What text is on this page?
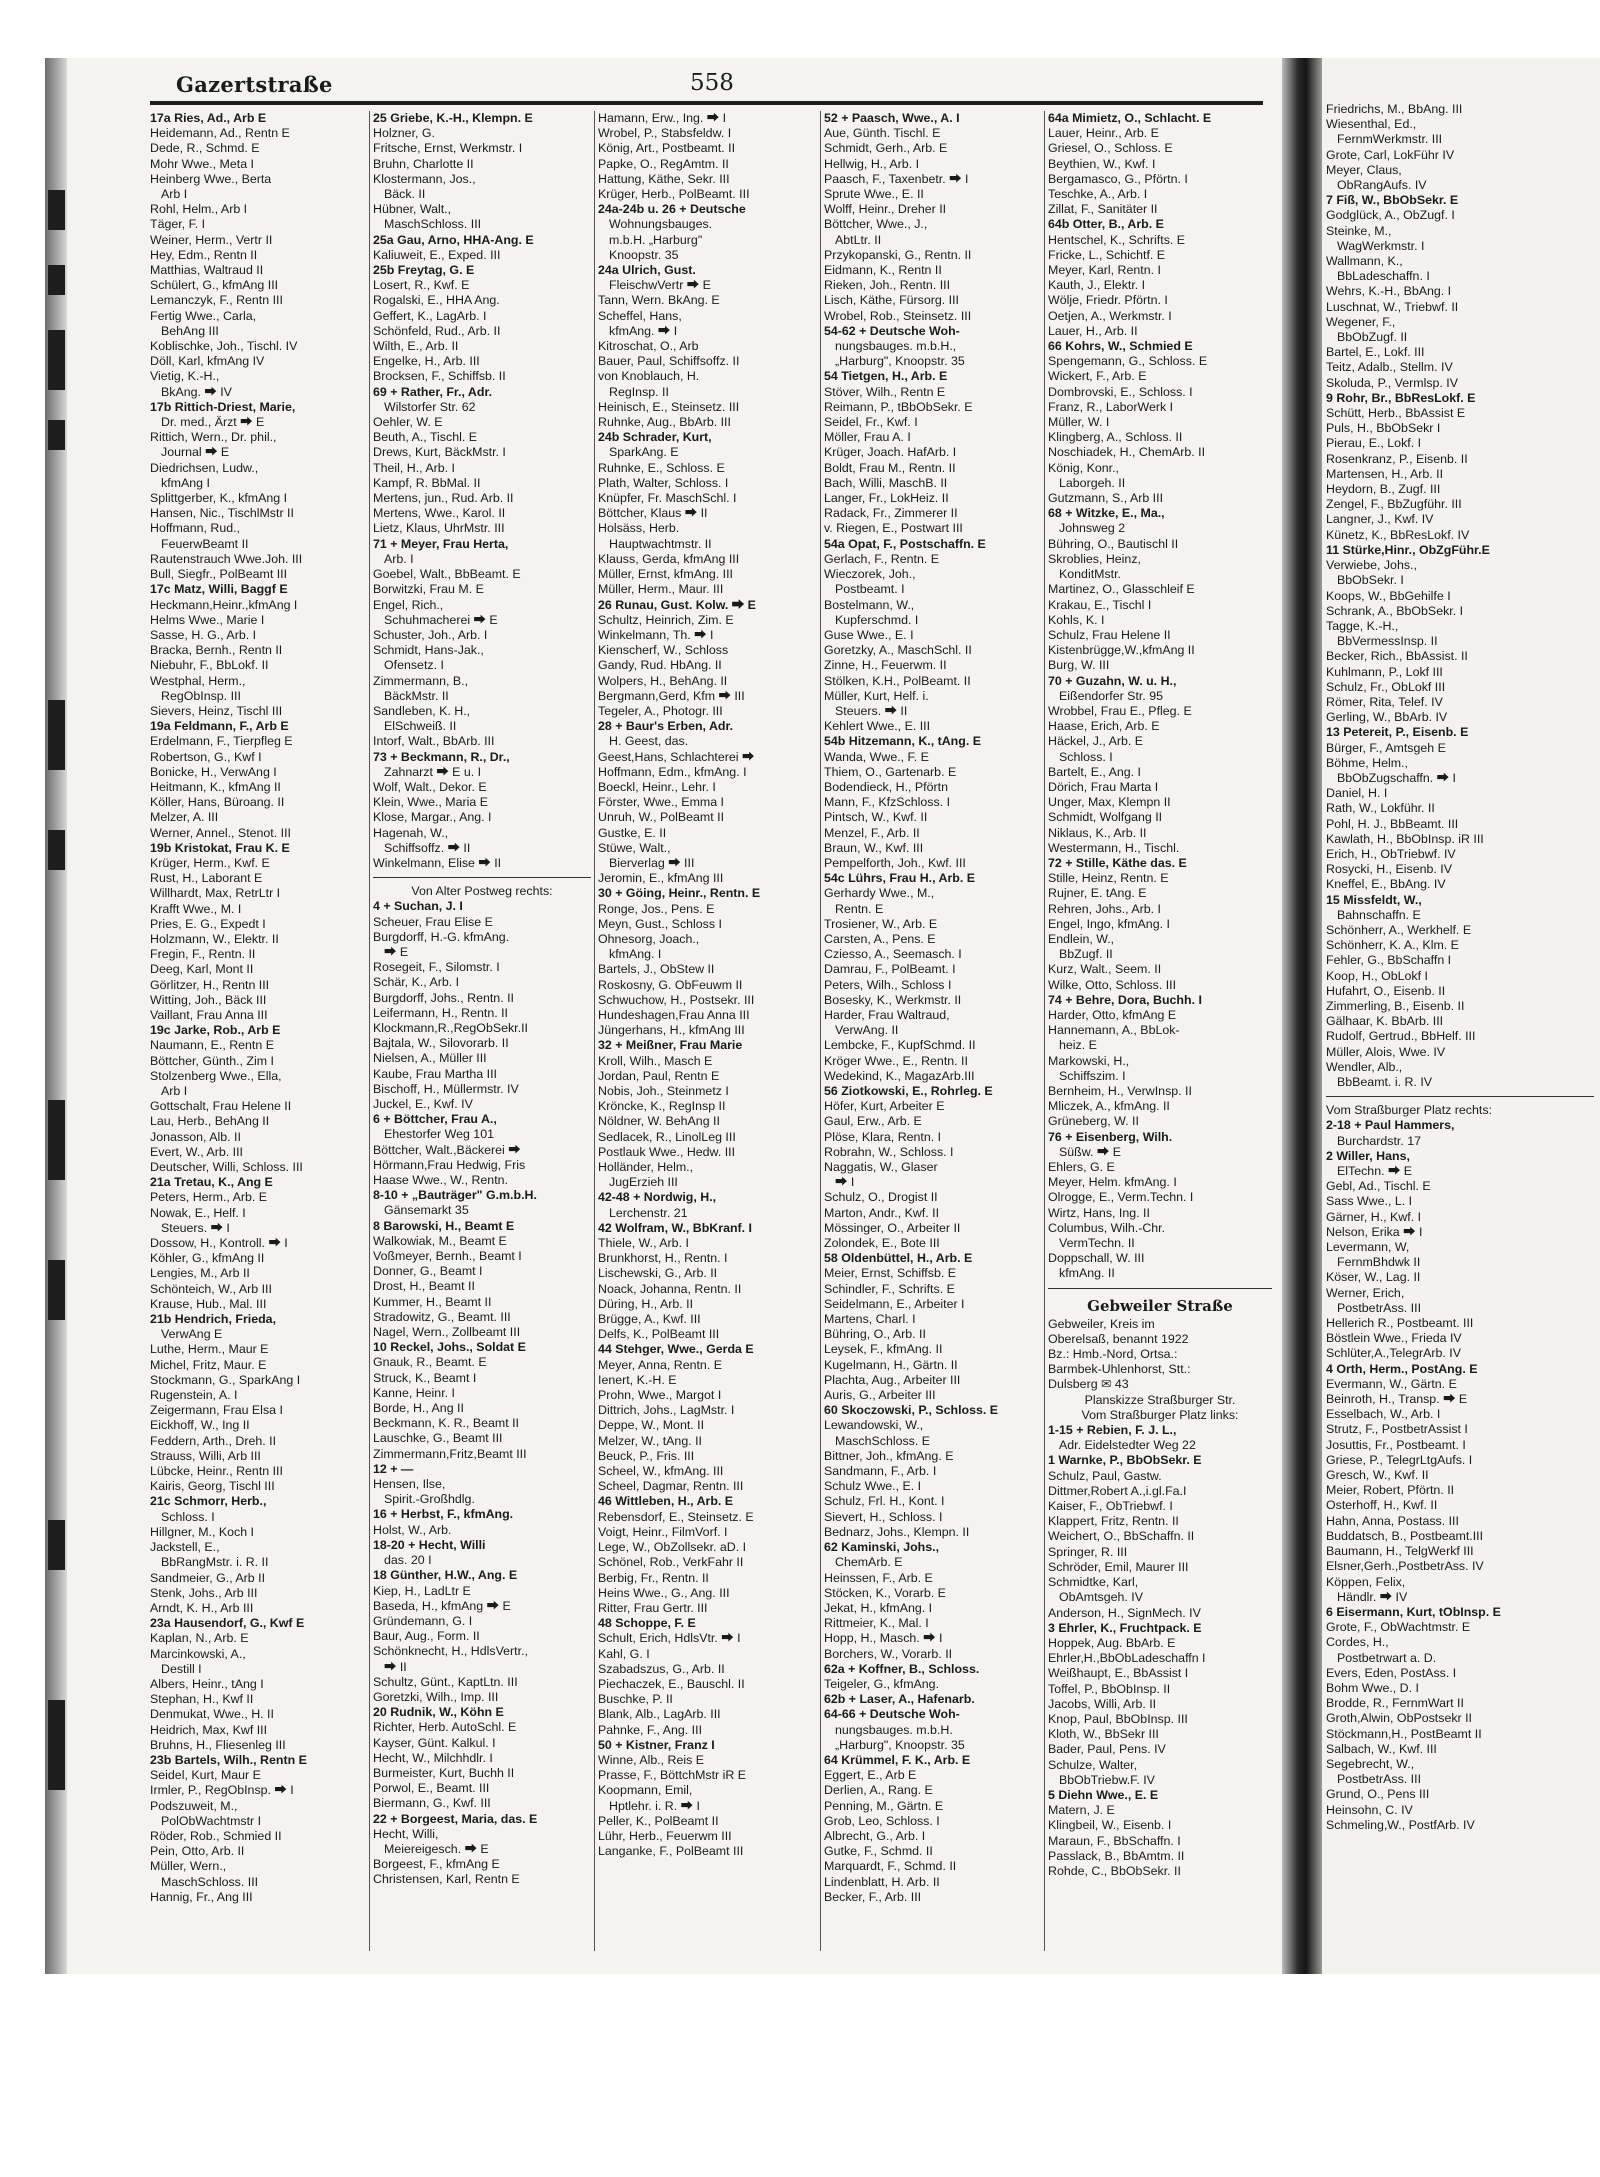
Gazertstraße	558
17a Ries, Ad., Arb E
Heidemann, Ad., Rentn E
Dede, R., Schmd. E
Mohr Wwe., Meta I
Heinberg Wwe., Berta
Arb I
Rohl, Helm., Arb I
Täger, F. I
Weiner, Herm., Vertr II
Hey, Edm., Rentn II
Matthias, Waltraud II
Schülert, G., kfmAng III
Lemanczyk, F., Rentn III
Fertig Wwe., Carla,
BehAng III
Koblischke, Joh., Tischl. IV
Döll, Karl, kfmAng IV
Vietig, K.-H.,
BkAng. ⮕ IV
17b Rittich-Driest, Marie,
Dr. med., Ärzt ⮕ E
Rittich, Wern., Dr. phil.,
Journal ⮕ E
Diedrichsen, Ludw.,
kfmAng I
Splittgerber, K., kfmAng I
Hansen, Nic., TischlMstr II
Hoffmann, Rud.,
FeuerwBeamt II
Rautenstrauch Wwe.Joh. III
Bull, Siegfr., PolBeamt III
17c Matz, Willi, Baggf E
Heckmann,Heinr.,kfmAng I
Helms Wwe., Marie I
Sasse, H. G., Arb. I
Bracka, Bernh., Rentn II
Niebuhr, F., BbLokf. II
Westphal, Herm.,
RegObInsp. III
Sievers, Heinz, Tischl III
19a Feldmann, F., Arb E
Erdelmann, F., Tierpfleg E
Robertson, G., Kwf I
Bonicke, H., VerwAng I
Heitmann, K., kfmAng II
Köller, Hans, Büroang. II
Melzer, A. III
Werner, Annel., Stenot. III
19b Kristokat, Frau K. E
Krüger, Herm., Kwf. E
Rust, H., Laborant E
Willhardt, Max, RetrLtr I
Krafft Wwe., M. I
Pries, E. G., Expedt I
Holzmann, W., Elektr. II
Fregin, F., Rentn. II
Deeg, Karl, Mont II
Görlitzer, H., Rentn III
Witting, Joh., Bäck III
Vaillant, Frau Anna III
19c Jarke, Rob., Arb E
Naumann, E., Rentn E
Böttcher, Günth., Zim I
Stolzenberg Wwe., Ella,
Arb I
Gottschalt, Frau Helene II
Lau, Herb., BehAng II
Jonasson, Alb. II
Evert, W., Arb. III
Deutscher, Willi, Schloss. III
21a Tretau, K., Ang E
Peters, Herm., Arb. E
Nowak, E., Helf. I
Steuers. ⮕ I
Dossow, H., Kontroll. ⮕ I
Köhler, G., kfmAng II
Lengies, M., Arb II
Schönteich, W., Arb III
Krause, Hub., Mal. III
21b Hendrich, Frieda,
VerwAng E
Luthe, Herm., Maur E
Michel, Fritz, Maur. E
Stockmann, G., SparkAng I
Rugenstein, A. I
Zeigermann, Frau Elsa I
Eickhoff, W., Ing II
Feddern, Arth., Dreh. II
Strauss, Willi, Arb III
Lübcke, Heinr., Rentn III
Kairis, Georg, Tischl III
21c Schmorr, Herb.,
Schloss. I
Hillgner, M., Koch I
Jackstell, E.,
BbRangMstr. i. R. II
Sandmeier, G., Arb II
Stenk, Johs., Arb III
Arndt, K. H., Arb III
23a Hausendorf, G., Kwf E
Kaplan, N., Arb. E
Marcinkowski, A.,
Destill I
Albers, Heinr., tAng I
Stephan, H., Kwf II
Denmukat, Wwe., H. II
Heidrich, Max, Kwf III
Bruhns, H., Fliesenleg III
23b Bartels, Wilh., Rentn E
Seidel, Kurt, Maur E
Irmler, P., RegObInsp. ⮕ I
Podszuweit, M.,
PolObWachtmstr I
Röder, Rob., Schmied II
Pein, Otto, Arb. II
Müller, Wern.,
MaschSchloss. III
Hannig, Fr., Ang III
25 Griebe, K.-H., Klempn. E
Holzner, G.
Fritsche, Ernst, Werkmstr. I
Bruhn, Charlotte II
Klostermann, Jos.,
Bäck. II
Hübner, Walt.,
MaschSchloss. III
25a Gau, Arno, HHA-Ang. E
Kaliuweit, E., Exped. III
25b Freytag, G. E
Losert, R., Kwf. E
Rogalski, E., HHA Ang.
Geffert, K., LagArb. I
Schönfeld, Rud., Arb. II
Wilth, E., Arb. II
Engelke, H., Arb. III
Brocksen, F., Schiffsb. II
69 + Rather, Fr., Adr.
Wilstorfer Str. 62
Oehler, W. E
Beuth, A., Tischl. E
Drews, Kurt, BäckMstr. I
Theil, H., Arb. I
Kampf, R. BbMal. II
Mertens, jun., Rud. Arb. II
Mertens, Wwe., Karol. II
Lietz, Klaus, UhrMstr. III
71 + Meyer, Frau Herta,
Arb. I
Goebel, Walt., BbBeamt. E
Borwitzki, Frau M. E
Engel, Rich.,
Schuhmacherei ⮕ E
Schuster, Joh., Arb. I
Schmidt, Hans-Jak.,
Ofensetz. I
Zimmermann, B.,
BäckMstr. II
Sandleben, K. H.,
ElSchweiß. II
Intorf, Walt., BbArb. III
73 + Beckmann, R., Dr.,
Zahnarzt ⮕ E u. I
Wolf, Walt., Dekor. E
Klein, Wwe., Maria E
Klose, Margar., Ang. I
Hagenah, W.,
Schiffsoffz. ⮕ II
Winkelmann, Elise ⮕ II
Von Alter Postweg rechts:
4 + Suchan, J. I
Scheuer, Frau Elise E
Burgdorff, H.-G. kfmAng.
⮕ E
Rosegeit, F., Silomstr. I
Schär, K., Arb. I
Burgdorff, Johs., Rentn. II
Leifermann, H., Rentn. II
Klockmann,R.,RegObSekr.II
Bajtala, W., Silovorarb. II
Nielsen, A., Müller III
Kaube, Frau Martha III
Bischoff, H., Müllermstr. IV
Juckel, E., Kwf. IV
6 + Böttcher, Frau A.,
Ehestorfer Weg 101
Böttcher, Walt.,Bäckerei ⮕
Hörmann,Frau Hedwig, Fris
Haase Wwe., W., Rentn.
8-10 + „Bauträger" G.m.b.H.
Gänsemarkt 35
8 Barowski, H., Beamt E
Walkowiak, M., Beamt E
Voßmeyer, Bernh., Beamt I
Donner, G., Beamt I
Drost, H., Beamt II
Kummer, H., Beamt II
Stradowitz, G., Beamt. III
Nagel, Wern., Zollbeamt III
10 Reckel, Johs., Soldat E
Gnauk, R., Beamt. E
Struck, K., Beamt I
Kanne, Heinr. I
Borde, H., Ang II
Beckmann, K. R., Beamt II
Lauschke, G., Beamt III
Zimmermann,Fritz,Beamt III
12 + —
Hensen, Ilse,
Spirit.-Großhdlg.
16 + Herbst, F., kfmAng.
Holst, W., Arb.
18-20 + Hecht, Willi
das. 20 I
18 Günther, H.W., Ang. E
Kiep, H., LadLtr E
Baseda, H., kfmAng ⮕ E
Gründemann, G. I
Baur, Aug., Form. II
Schönknecht, H., HdlsVertr.,
⮕ II
Schultz, Günt., KaptLtn. III
Goretzki, Wilh., Imp. III
20 Rudnik, W., Köhn E
Richter, Herb. AutoSchl. E
Kayser, Günt. Kalkul. I
Hecht, W., Milchhdlr. I
Burmeister, Kurt, Buchh II
Porwol, E., Beamt. III
Biermann, G., Kwf. III
22 + Borgeest, Maria, das. E
Hecht, Willi,
Meiereigesch. ⮕ E
Borgeest, F., kfmAng E
Christensen, Karl, Rentn E
Hamann, Erw., Ing. ⮕ I
Wrobel, P., Stabsfeldw. I
König, Art., Postbeamt. II
Papke, O., RegAmtm. II
Hattung, Käthe, Sekr. III
Krüger, Herb., PolBeamt. III
24a-24b u. 26 + Deutsche
Wohnungsbauges.
m.b.H. „Harburg"
Knoopstr. 35
24a Ulrich, Gust.
FleischwVertr ⮕ E
Tann, Wern. BkAng. E
Scheffel, Hans,
kfmAng. ⮕ I
Kitroschat, O., Arb
Bauer, Paul, Schiffsoffz. II
von Knoblauch, H.
RegInsp. II
Heinisch, E., Steinsetz. III
Ruhnke, Aug., BbArb. III
24b Schrader, Kurt,
SparkAng. E
Ruhnke, E., Schloss. E
Plath, Walter, Schloss. I
Knüpfer, Fr. MaschSchl. I
Böttcher, Klaus ⮕ II
Holsäss, Herb.
Hauptwachtmstr. II
Klauss, Gerda, kfmAng III
Müller, Ernst, kfmAng. III
Müller, Herm., Maur. III
26 Runau, Gust. Kolw. ⮕ E
Schultz, Heinrich, Zim. E
Winkelmann, Th. ⮕ I
Kienscherf, W., Schloss
Gandy, Rud. HbAng. II
Wolpers, H., BehAng. II
Bergmann,Gerd, Kfm ⮕ III
Tegeler, A., Photogr. III
28 + Baur's Erben, Adr.
H. Geest, das.
Geest,Hans, Schlachterei ⮕
Hoffmann, Edm., kfmAng. I
Boeckl, Heinr., Lehr. I
Förster, Wwe., Emma I
Unruh, W., PolBeamt II
Gustke, E. II
Stüwe, Walt.,
Bierverlag ⮕ III
Jeromin, E., kfmAng III
30 + Göing, Heinr., Rentn. E
Ronge, Jos., Pens. E
Meyn, Gust., Schloss I
Ohnesorg, Joach.,
kfmAng. I
Bartels, J., ObStew II
Roskosny, G. ObFeuwm II
Schwuchow, H., Postsekr. III
Hundeshagen,Frau Anna III
Jüngerhans, H., kfmAng III
32 + Meißner, Frau Marie
Kroll, Wilh., Masch E
Jordan, Paul, Rentn E
Nobis, Joh., Steinmetz I
Kröncke, K., RegInsp II
Nöldner, W. BehAng II
Sedlacek, R., LinolLeg III
Postlauk Wwe., Hedw. III
Holländer, Helm.,
JugErzieh III
42-48 + Nordwig, H.,
Lerchenstr. 21
42 Wolfram, W., BbKranf. I
Thiele, W., Arb. I
Brunkhorst, H., Rentn. I
Lischewski, G., Arb. II
Noack, Johanna, Rentn. II
Düring, H., Arb. II
Brügge, A., Kwf. III
Delfs, K., PolBeamt III
44 Stehger, Wwe., Gerda E
Meyer, Anna, Rentn. E
Ienert, K.-H. E
Prohn, Wwe., Margot I
Dittrich, Johs., LagMstr. I
Deppe, W., Mont. II
Melzer, W., tAng. II
Beuck, P., Fris. III
Scheel, W., kfmAng. III
Scheel, Dagmar, Rentn. III
46 Wittleben, H., Arb. E
Rebensdorf, E., Steinsetz. E
Voigt, Heinr., FilmVorf. I
Lege, W., ObZollsekr. aD. I
Schönel, Rob., VerkFahr II
Berbig, Fr., Rentn. II
Heins Wwe., G., Ang. III
Ritter, Frau Gertr. III
48 Schoppe, F. E
Schult, Erich, HdlsVtr. ⮕ I
Kahl, G. I
Szabadszus, G., Arb. II
Piechaczek, E., Bauschl. II
Buschke, P. II
Blank, Alb., LagArb. III
Pahnke, F., Ang. III
50 + Kistner, Franz I
Winne, Alb., Reis E
Prasse, F., BöttchMstr iR E
Koopmann, Emil,
Hptlehr. i. R. ⮕ I
Peller, K., PolBeamt II
Lühr, Herb., Feuerwm III
Langanke, F., PolBeamt III
52 + Paasch, Wwe., A. I
Aue, Günth. Tischl. E
Schmidt, Gerh., Arb. E
Hellwig, H., Arb. I
Paasch, F., Taxenbetr. ⮕ I
Sprute Wwe., E. II
Wolff, Heinr., Dreher II
Böttcher, Wwe., J.,
AbtLtr. II
Przykopanski, G., Rentn. II
Eidmann, K., Rentn II
Rieken, Joh., Rentn. III
Lisch, Käthe, Fürsorg. III
Wrobel, Rob., Steinsetz. III
54-62 + Deutsche Woh-
nungsbauges. m.b.H.,
„Harburg", Knoopstr. 35
54 Tietgen, H., Arb. E
Stöver, Wilh., Rentn E
Reimann, P., tBbObSekr. E
Seidel, Fr., Kwf. I
Möller, Frau A. I
Krüger, Joach. HafArb. I
Boldt, Frau M., Rentn. II
Bach, Willi, MaschB. II
Langer, Fr., LokHeiz. II
Radack, Fr., Zimmerer II
v. Riegen, E., Postwart III
54a Opat, F., Postschaffn. E
Gerlach, F., Rentn. E
Wieczorek, Joh.,
Postbeamt. I
Bostelmann, W.,
Kupferschmd. I
Guse Wwe., E. I
Goretzky, A., MaschSchl. II
Zinne, H., Feuerwm. II
Stölken, K.H., PolBeamt. II
Müller, Kurt, Helf. i.
Steuers. ⮕ II
Kehlert Wwe., E. III
54b Hitzemann, K., tAng. E
Wanda, Wwe., F. E
Thiem, O., Gartenarb. E
Bodendieck, H., Pförtn
Mann, F., KfzSchloss. I
Pintsch, W., Kwf. II
Menzel, F., Arb. II
Braun, W., Kwf. III
Pempelforth, Joh., Kwf. III
54c Lührs, Frau H., Arb. E
Gerhardy Wwe., M.,
Rentn. E
Trosiener, W., Arb. E
Carsten, A., Pens. E
Cziesso, A., Seemasch. I
Damrau, F., PolBeamt. I
Peters, Wilh., Schloss I
Bosesky, K., Werkmstr. II
Harder, Frau Waltraud,
VerwAng. II
Lembcke, F., KupfSchmd. II
Kröger Wwe., E., Rentn. II
Wedekind, K., MagazArb.III
56 Ziotkowski, E., Rohrleg. E
Höfer, Kurt, Arbeiter E
Gaul, Erw., Arb. E
Plöse, Klara, Rentn. I
Robrahn, W., Schloss. I
Naggatis, W., Glaser
⮕ I
Schulz, O., Drogist II
Marton, Andr., Kwf. II
Mössinger, O., Arbeiter II
Zolondek, E., Bote III
58 Oldenbüttel, H., Arb. E
Meier, Ernst, Schiffsb. E
Schindler, F., Schrifts. E
Seidelmann, E., Arbeiter I
Martens, Charl. I
Bühring, O., Arb. II
Leysek, F., kfmAng. II
Kugelmann, H., Gärtn. II
Plachta, Aug., Arbeiter III
Auris, G., Arbeiter III
60 Skoczowski, P., Schloss. E
Lewandowski, W.,
MaschSchloss. E
Bittner, Joh., kfmAng. E
Sandmann, F., Arb. I
Schulz Wwe., E. I
Schulz, Frl. H., Kont. I
Sievert, H., Schloss. I
Bednarz, Johs., Klempn. II
62 Kaminski, Johs.,
ChemArb. E
Heinssen, F., Arb. E
Stöcken, K., Vorarb. E
Jekat, H., kfmAng. I
Rittmeier, K., Mal. I
Hopp, H., Masch. ⮕ I
Borchers, W., Vorarb. II
62a + Koffner, B., Schloss.
Teigeler, G., kfmAng.
62b + Laser, A., Hafenarb.
64-66 + Deutsche Woh-
nungsbauges. m.b.H.
„Harburg", Knoopstr. 35
64 Krümmel, F. K., Arb. E
Eggert, E., Arb E
Derlien, A., Rang. E
Penning, M., Gärtn. E
Grob, Leo, Schloss. I
Albrecht, G., Arb. I
Gutke, F., Schmd. II
Marquardt, F., Schmd. II
Lindenblatt, H. Arb. II
Becker, F., Arb. III
64a Mimietz, O., Schlacht. E
Lauer, Heinr., Arb. E
Griesel, O., Schloss. E
Beythien, W., Kwf. I
Bergamasco, G., Pförtn. I
Teschke, A., Arb. I
Zillat, F., Sanitäter II
64b Otter, B., Arb. E
Hentschel, K., Schrifts. E
Fricke, L., Schichtf. E
Meyer, Karl, Rentn. I
Kauth, J., Elektr. I
Wölje, Friedr. Pförtn. I
Oetjen, A., Werkmstr. I
Lauer, H., Arb. II
66 Kohrs, W., Schmied E
Spengemann, G., Schloss. E
Wickert, F., Arb. E
Dombrovski, E., Schloss. I
Franz, R., LaborWerk I
Müller, W. I
Klingberg, A., Schloss. II
Noschiadek, H., ChemArb. II
König, Konr.,
Laborgeh. II
Gutzmann, S., Arb III
68 + Witzke, E., Ma.,
Johnsweg 2
Bühring, O., Bautischl II
Skroblies, Heinz,
KonditMstr.
Martinez, O., Glasschleif E
Krakau, E., Tischl I
Kohls, K. I
Schulz, Frau Helene II
Kistenbrügge,W.,kfmAng II
Burg, W. III
70 + Guzahn, W. u. H.,
Eißendorfer Str. 95
Wrobbel, Frau E., Pfleg. E
Haase, Erich, Arb. E
Häckel, J., Arb. E
Schloss. I
Bartelt, E., Ang. I
Dörich, Frau Marta I
Unger, Max, Klempn II
Schmidt, Wolfgang II
Niklaus, K., Arb. II
Westermann, H., Tischl.
72 + Stille, Käthe das. E
Stille, Heinz, Rentn. E
Rujner, E. tAng. E
Rehren, Johs., Arb. I
Engel, Ingo, kfmAng. I
Endlein, W.,
BbZugf. II
Kurz, Walt., Seem. II
Wilke, Otto, Schloss. III
74 + Behre, Dora, Buchh. I
Harder, Otto, kfmAng E
Hannemann, A., BbLok-
heiz. E
Markowski, H.,
Schiffszim. I
Bernheim, H., VerwInsp. II
Mliczek, A., kfmAng. II
Grüneberg, W. II
76 + Eisenberg, Wilh.
Süßw. ⮕ E
Ehlers, G. E
Meyer, Helm. kfmAng. I
Olrogge, E., Verm.Techn. I
Wirtz, Hans, Ing. II
Columbus, Wilh.-Chr.
VermTechn. II
Doppschall, W. III
kfmAng. II
Gebweiler Straße
Gebweiler, Kreis im
Oberelsaß, benannt 1922
Bz.: Hmb.-Nord, Ortsa.:
Barmbek-Uhlenhorst, Stt.:
Dulsberg ✉ 43
Planskizze Straßburger Str.
Vom Straßburger Platz links:
1-15 + Rebien, F. J. L.,
Adr. Eidelstedter Weg 22
1 Warnke, P., BbObSekr. E
Schulz, Paul, Gastw.
Dittmer,Robert A.,i.gl.Fa.I
Kaiser, F., ObTriebwf. I
Klappert, Fritz, Rentn. II
Weichert, O., BbSchaffn. II
Springer, R. III
Schröder, Emil, Maurer III
Schmidtke, Karl,
ObAmtsgeh. IV
Anderson, H., SignMech. IV
3 Ehrler, K., Fruchtpack. E
Hoppek, Aug. BbArb. E
Ehrler,H.,BbObLadeschaffn I
Weißhaupt, E., BbAssist I
Toffel, P., BbObInsp. II
Jacobs, Willi, Arb. II
Knop, Paul, BbObInsp. III
Kloth, W., BbSekr III
Bader, Paul, Pens. IV
Schulze, Walter,
BbObTriebw.F. IV
5 Diehn Wwe., E. E
Matern, J. E
Klingbeil, W., Eisenb. I
Maraun, F., BbSchaffn. I
Passlack, B., BbAmtm. II
Rohde, C., BbObSekr. II
Friedrichs, M., BbAng. III
Wiesenthal, Ed.,
FernmWerkmstr. III
Grote, Carl, LokFühr IV
Meyer, Claus,
ObRangAufs. IV
7 Fiß, W., BbObSekr. E
Godglück, A., ObZugf. I
Steinke, M.,
WagWerkmstr. I
Wallmann, K.,
BbLadeschaffn. I
Wehrs, K.-H., BbAng. I
Luschnat, W., Triebwf. II
Wegener, F.,
BbObZugf. II
Bartel, E., Lokf. III
Teitz, Adalb., Stellm. IV
Skoluda, P., Vermlsp. IV
9 Rohr, Br., BbResLokf. E
Schütt, Herb., BbAssist E
Puls, H., BbObSekr I
Pierau, E., Lokf. I
Rosenkranz, P., Eisenb. II
Martensen, H., Arb. II
Heydorn, B., Zugf. III
Zengel, F., BbZugführ. III
Langner, J., Kwf. IV
Künetz, K., BbResLokf. IV
11 Stürke,Hinr., ObZgFühr.E
Verwiebe, Johs.,
BbObSekr. I
Koops, W., BbGehilfe I
Schrank, A., BbObSekr. I
Tagge, K.-H.,
BbVermessInsp. II
Becker, Rich., BbAssist. II
Kuhlmann, P., Lokf III
Schulz, Fr., ObLokf III
Römer, Rita, Telef. IV
Gerling, W., BbArb. IV
13 Petereit, P., Eisenb. E
Bürger, F., Amtsgeh E
Böhme, Helm.,
BbObZugschaffn. ⮕ I
Daniel, H. I
Rath, W., Lokführ. II
Pohl, H. J., BbBeamt. III
Kawlath, H., BbObInsp. iR III
Erich, H., ObTriebwf. IV
Rosycki, H., Eisenb. IV
Kneffel, E., BbAng. IV
15 Missfeldt, W.,
Bahnschaffn. E
Schönherr, A., Werkhelf. E
Schönherr, K. A., Klm. E
Fehler, G., BbSchaffn I
Koop, H., ObLokf I
Hufahrt, O., Eisenb. II
Zimmerling, B., Eisenb. II
Gälhaar, K. BbArb. III
Rudolf, Gertrud., BbHelf. III
Müller, Alois, Wwe. IV
Wendler, Alb.,
BbBeamt. i. R. IV
Vom Straßburger Platz rechts:
2-18 + Paul Hammers,
Burchardstr. 17
2 Willer, Hans,
ElTechn. ⮕ E
Gebl, Ad., Tischl. E
Sass Wwe., L. I
Gärner, H., Kwf. I
Nelson, Erika ⮕ I
Levermann, W,
FernmBhdwk II
Köser, W., Lag. II
Werner, Erich,
PostbetrAss. III
Hellerich R., Postbeamt. III
Böstlein Wwe., Frieda IV
Schlüter,A.,TelegrArb. IV
4 Orth, Herm., PostAng. E
Evermann, W., Gärtn. E
Beinroth, H., Transp. ⮕ E
Esselbach, W., Arb. I
Strutz, F., PostbetrAssist I
Josuttis, Fr., Postbeamt. I
Griese, P., TelegrLtgAufs. I
Gresch, W., Kwf. II
Meier, Robert, Pförtn. II
Osterhoff, H., Kwf. II
Hahn, Anna, Postass. III
Buddatsch, B., Postbeamt.III
Baumann, H., TelgWerkf III
Elsner,Gerh.,PostbetrAss. IV
Köppen, Felix,
Händlr. ⮕ IV
6 Eisermann, Kurt, tObInsp. E
Grote, F., ObWachtmstr. E
Cordes, H.,
Postbetrwart a. D.
Evers, Eden, PostAss. I
Bohm Wwe., D. I
Brodde, R., FernmWart II
Groth,Alwin, ObPostsekr II
Stöckmann,H., PostBeamt II
Salbach, W., Kwf. III
Segebrecht, W.,
PostbetrAss. III
Grund, O., Pens III
Heinsohn, C. IV
Schmeling,W., PostfArb. IV
